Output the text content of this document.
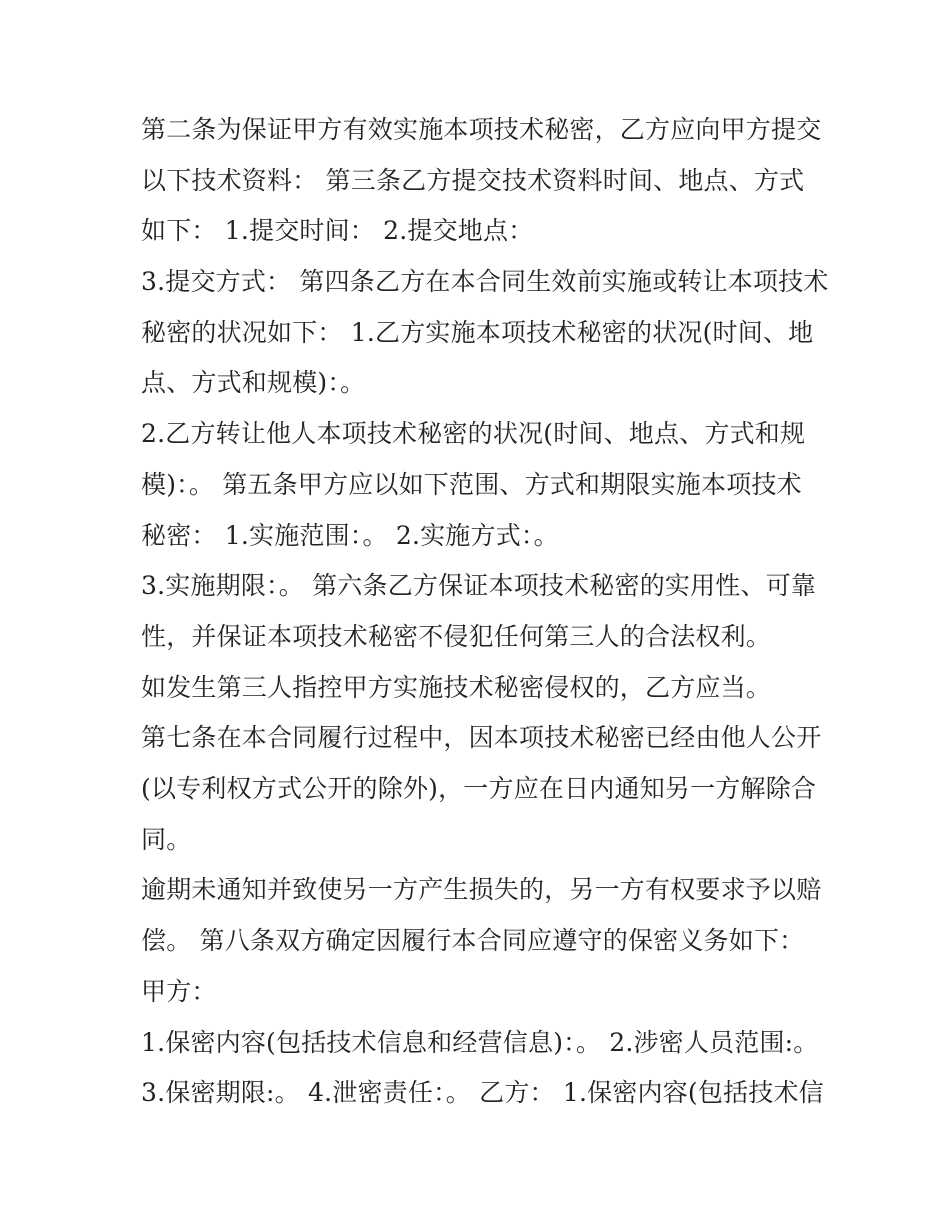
第二条为保证甲方有效实施本项技术秘密，乙方应向甲方提交
以下技术资料： 第三条乙方提交技术资料时间、地点、方式
如下： 1.提交时间： 2.提交地点：
3.提交方式： 第四条乙方在本合同生效前实施或转让本项技术
秘密的状况如下： 1.乙方实施本项技术秘密的状况(时间、地
点、方式和规模)：。
2.乙方转让他人本项技术秘密的状况(时间、地点、方式和规
模)：。 第五条甲方应以如下范围、方式和期限实施本项技术
秘密： 1.实施范围：。 2.实施方式：。
3.实施期限：。 第六条乙方保证本项技术秘密的实用性、可靠
性，并保证本项技术秘密不侵犯任何第三人的合法权利。
如发生第三人指控甲方实施技术秘密侵权的，乙方应当。
第七条在本合同履行过程中，因本项技术秘密已经由他人公开
(以专利权方式公开的除外)，一方应在日内通知另一方解除合
同。
逾期未通知并致使另一方产生损失的，另一方有权要求予以赔
偿。 第八条双方确定因履行本合同应遵守的保密义务如下：
甲方：
1.保密内容(包括技术信息和经营信息)：。 2.涉密人员范围:。
3.保密期限:。 4.泄密责任：。 乙方： 1.保密内容(包括技术信
